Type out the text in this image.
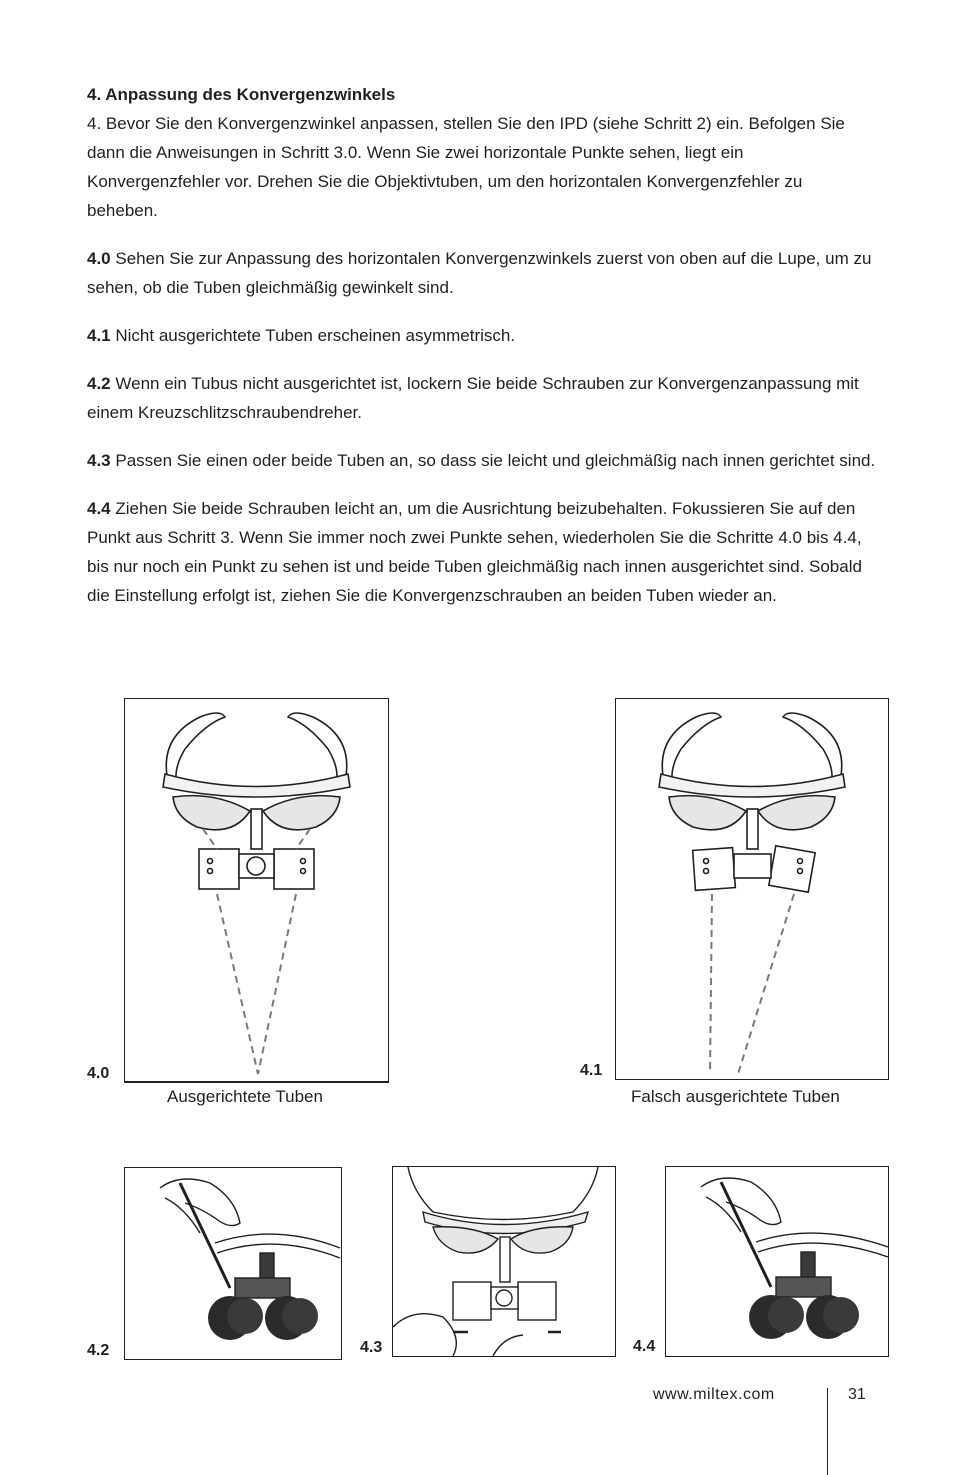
4. Anpassung des Konvergenzwinkels

4. Bevor Sie den Konvergenzwinkel anpassen, stellen Sie den IPD (siehe Schritt 2) ein. Befolgen Sie dann die Anweisungen in Schritt 3.0. Wenn Sie zwei horizontale Punkte sehen, liegt ein Konvergenzfehler vor. Drehen Sie die Objektivtuben, um den horizontalen Konvergenzfehler zu beheben.

4.0 Sehen Sie zur Anpassung des horizontalen Konvergenzwinkels zuerst von oben auf die Lupe, um zu sehen, ob die Tuben gleichmäßig gewinkelt sind.

4.1 Nicht ausgerichtete Tuben erscheinen asymmetrisch.

4.2 Wenn ein Tubus nicht ausgerichtet ist, lockern Sie beide Schrauben zur Konvergenzanpassung mit einem Kreuzschlitzschraubendreher.

4.3 Passen Sie einen oder beide Tuben an, so dass sie leicht und gleichmäßig nach innen gerichtet sind.

4.4 Ziehen Sie beide Schrauben leicht an, um die Ausrichtung beizubehalten. Fokussieren Sie auf den Punkt aus Schritt 3. Wenn Sie immer noch zwei Punkte sehen, wiederholen Sie die Schritte 4.0 bis 4.4, bis nur noch ein Punkt zu sehen ist und beide Tuben gleichmäßig nach innen ausgerichtet sind. Sobald die Einstellung erfolgt ist, ziehen Sie die Konvergenzschrauben an beiden Tuben wieder an.

4.0
Ausgerichtete Tuben
4.1
Falsch ausgerichtete Tuben
4.2	4.3	4.4
www.miltex.com	31
